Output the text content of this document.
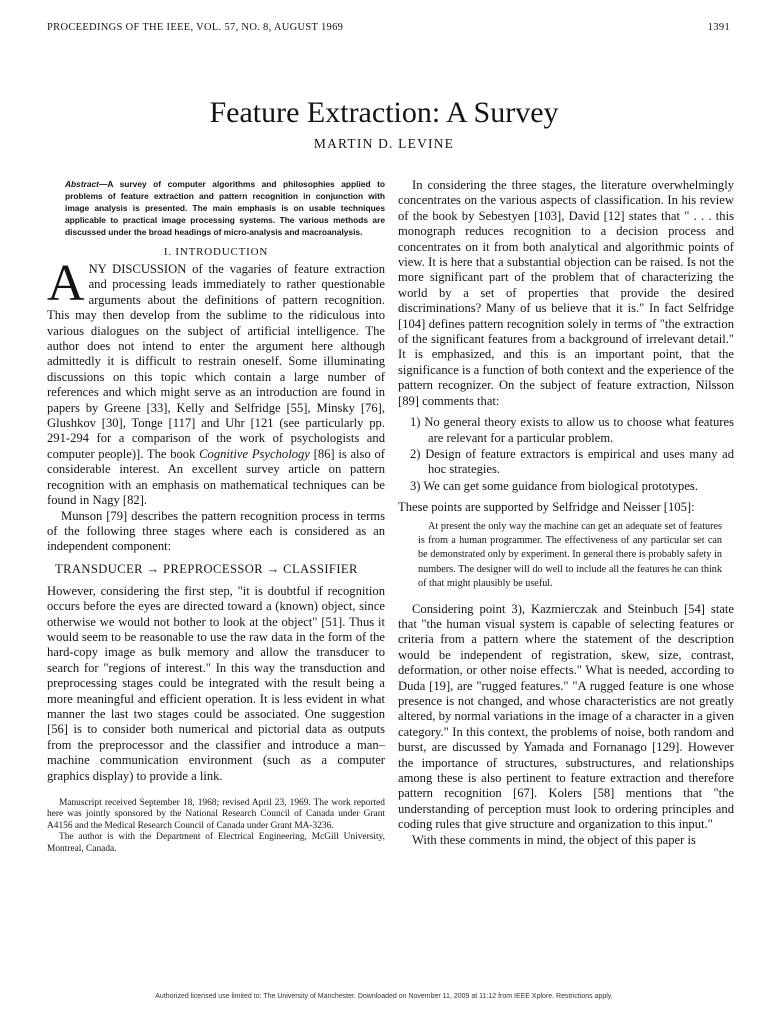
PROCEEDINGS OF THE IEEE, VOL. 57, NO. 8, AUGUST 1969	1391
Feature Extraction: A Survey
MARTIN D. LEVINE

Abstract—A survey of computer algorithms and philosophies applied to problems of feature extraction and pattern recognition in conjunction with image analysis is presented. The main emphasis is on usable techniques applicable to practical image processing systems. The various methods are discussed under the broad headings of micro-analysis and macroanalysis.

I. INTRODUCTION
A NY DISCUSSION of the vagaries of feature extraction and processing leads immediately to rather questionable arguments about the definitions of pattern recognition. This may then develop from the sublime to the ridiculous into various dialogues on the subject of artificial intelligence. The author does not intend to enter the argument here although admittedly it is difficult to restrain oneself. Some illuminating discussions on this topic which contain a large number of references and which might serve as an introduction are found in papers by Greene [33], Kelly and Selfridge [55], Minsky [76], Glushkov [30], Tonge [117] and Uhr [121 (see particularly pp. 291-294 for a comparison of the work of psychologists and computer people)]. The book Cognitive Psychology [86] is also of considerable interest. An excellent survey article on pattern recognition with an emphasis on mathematical techniques can be found in Nagy [82].

Munson [79] describes the pattern recognition process in terms of the following three stages where each is considered as an independent component:

TRANSDUCER → PREPROCESSOR → CLASSIFIER

However, considering the first step, "it is doubtful if recognition occurs before the eyes are directed toward a (known) object, since otherwise we would not bother to look at the object" [51]. Thus it would seem to be reasonable to use the raw data in the form of the hard-copy image as bulk memory and allow the transducer to search for "regions of interest." In this way the transduction and preprocessing stages could be integrated with the result being a more meaningful and efficient operation. It is less evident in what manner the last two stages could be associated. One suggestion [56] is to consider both numerical and pictorial data as outputs from the preprocessor and the classifier and introduce a man–machine communication environment (such as a computer graphics display) to provide a link.

Manuscript received September 18, 1968; revised April 23, 1969. The work reported here was jointly sponsored by the National Research Council of Canada under Grant A4156 and the Medical Research Council of Canada under Grant MA-3236.

The author is with the Department of Electrical Engineering, McGill University, Montreal, Canada.

In considering the three stages, the literature overwhelmingly concentrates on the various aspects of classification. In his review of the book by Sebestyen [103], David [12] states that " . . . this monograph reduces recognition to a decision process and concentrates on it from both analytical and algorithmic points of view. It is here that a substantial objection can be raised. Is not the more significant part of the problem that of characterizing the world by a set of properties that provide the desired discriminations? Many of us believe that it is." In fact Selfridge [104] defines pattern recognition solely in terms of "the extraction of the significant features from a background of irrelevant detail." It is emphasized, and this is an important point, that the significance is a function of both context and the experience of the pattern recognizer. On the subject of feature extraction, Nilsson [89] comments that:

1) No general theory exists to allow us to choose what features are relevant for a particular problem.
2) Design of feature extractors is empirical and uses many ad hoc strategies.
3) We can get some guidance from biological prototypes.

These points are supported by Selfridge and Neisser [105]:

At present the only way the machine can get an adequate set of features is from a human programmer. The effectiveness of any particular set can be demonstrated only by experiment. In general there is probably safety in numbers. The designer will do well to include all the features he can think of that might plausibly be useful.

Considering point 3), Kazmierczak and Steinbuch [54] state that "the human visual system is capable of selecting features or criteria from a pattern where the statement of the description would be independent of registration, skew, size, contrast, deformation, or other noise effects." What is needed, according to Duda [19], are "rugged features." "A rugged feature is one whose presence is not changed, and whose characteristics are not greatly altered, by normal variations in the image of a character in a given category." In this context, the problems of noise, both random and burst, are discussed by Yamada and Fornanago [129]. However the importance of structures, substructures, and relationships among these is also pertinent to feature extraction and therefore pattern recognition [67]. Kolers [58] mentions that "the understanding of perception must look to ordering principles and coding rules that give structure and organization to this input."

With these comments in mind, the object of this paper is

Authorized licensed use limited to: The University of Manchester. Downloaded on November 11, 2009 at 11:12 from IEEE Xplore. Restrictions apply.
